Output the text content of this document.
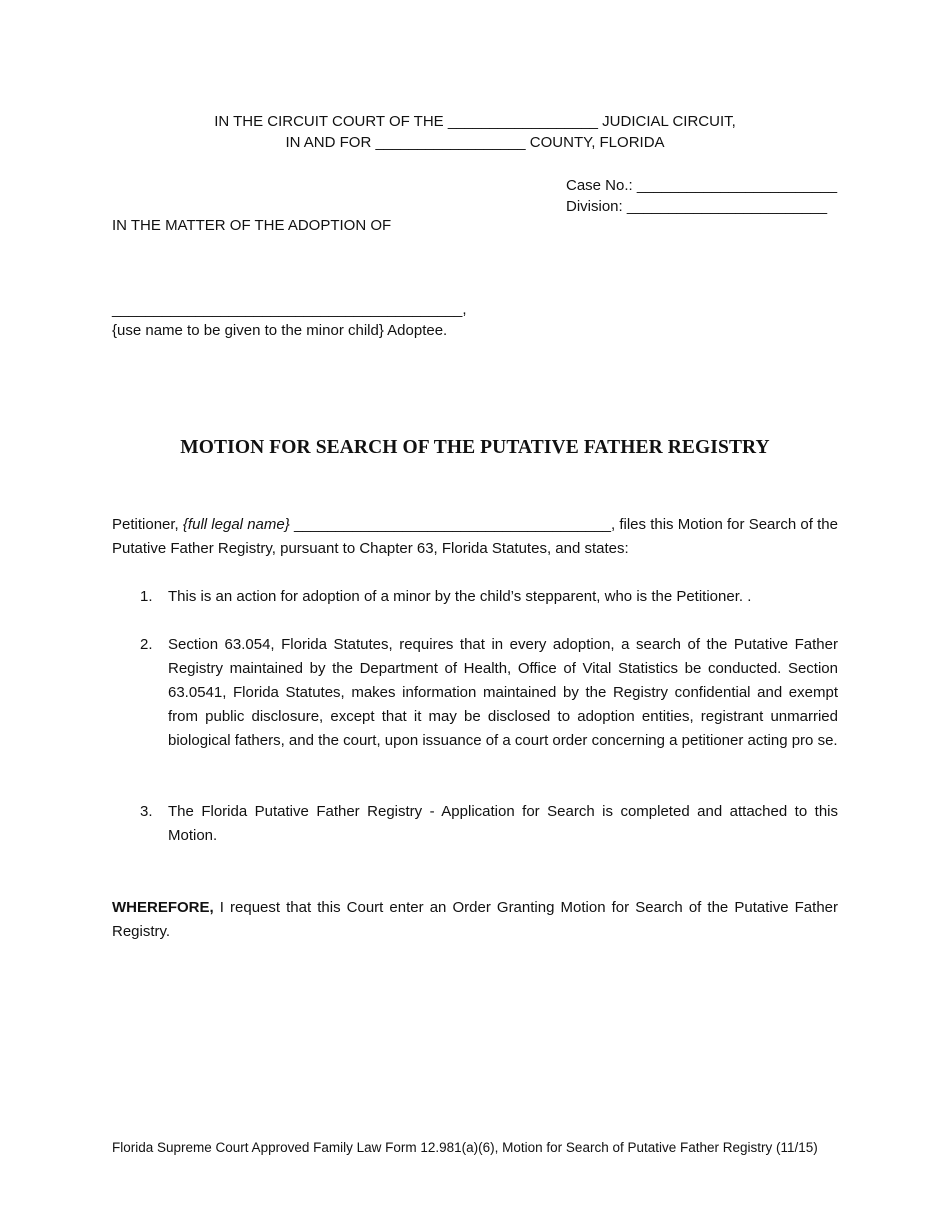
IN THE CIRCUIT COURT OF THE __________________ JUDICIAL CIRCUIT,
IN AND FOR __________________ COUNTY, FLORIDA
Case No.: ________________________
Division: ________________________
IN THE MATTER OF THE ADOPTION OF
__________________________________________,
{use name to be given to the minor child} Adoptee.
MOTION FOR SEARCH OF THE PUTATIVE FATHER REGISTRY
Petitioner, {full legal name} ______________________________________, files this Motion for Search of the Putative Father Registry, pursuant to Chapter 63, Florida Statutes, and states:
1. This is an action for adoption of a minor by the child’s stepparent, who is the Petitioner. .
2. Section 63.054, Florida Statutes, requires that in every adoption, a search of the Putative Father Registry maintained by the Department of Health, Office of Vital Statistics be conducted. Section 63.0541, Florida Statutes, makes information maintained by the Registry confidential and exempt from public disclosure, except that it may be disclosed to adoption entities, registrant unmarried biological fathers, and the court, upon issuance of a court order concerning a petitioner acting pro se.
3. The Florida Putative Father Registry - Application for Search is completed and attached to this Motion.
WHEREFORE, I request that this Court enter an Order Granting Motion for Search of the Putative Father Registry.
Florida Supreme Court Approved Family Law Form 12.981(a)(6), Motion for Search of Putative Father Registry (11/15)
